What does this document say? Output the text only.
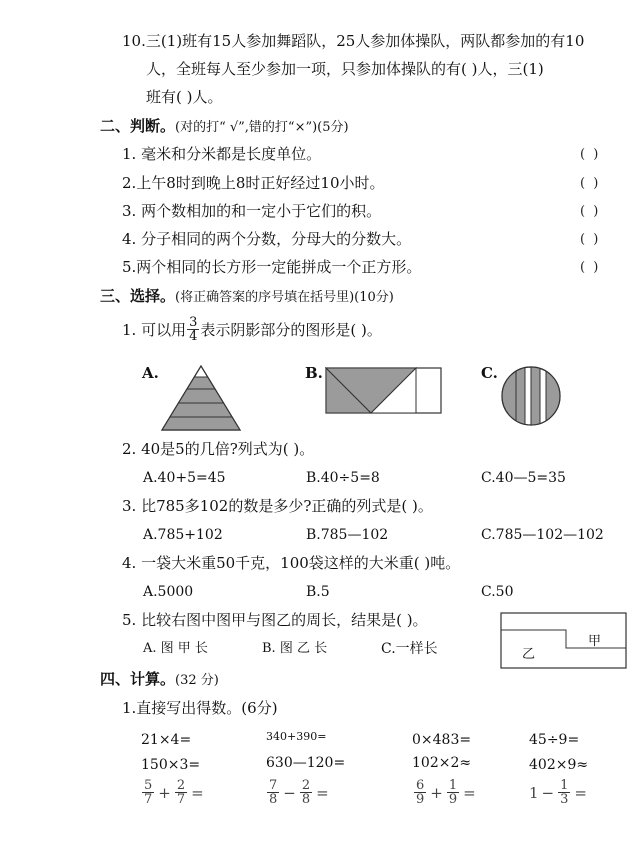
10.三(1)班有15人参加舞蹈队，25人参加体操队，两队都参加的有10
人，全班每人至少参加一项，只参加体操队的有( )人，三(1)
班有( )人。
二、判断。(对的打“ √”,错的打“×”)(5分)
1. 毫米和分米都是长度单位。	( )
2.上午8时到晚上8时正好经过10小时。	( )
3. 两个数相加的和一定小于它们的积。	( )
4. 分子相同的两个分数，分母大的分数大。	( )
5.两个相同的长方形一定能拼成一个正方形。	( )
三、选择。(将正确答案的序号填在括号里)(10分)
1. 可以用 $\frac{3}{4}$ 表示阴影部分的图形是( )。
A.	B.	C.
2. 40是5的几倍?列式为( )。
A.40+5=45	B.40÷5=8	C.40—5=35
3. 比785多102的数是多少?正确的列式是( )。
A.785+102	B.785—102	C.785—102—102
4. 一袋大米重50千克，100袋这样的大米重( )吨。
A.5000	B.5	C.50
5. 比较右图中图甲与图乙的周长，结果是( )。
A. 图 甲 长	B. 图 乙 长	C.一样长	甲
乙
四、计算。(32 分)
1.直接写出得数。(6分)
21×4=	340+390=	0×483=	45÷9=
150×3=	630—120=	102×2≈	402×9≈
$\frac{5}{7} + \frac{2}{7}$ =	$\frac{7}{8} - \frac{2}{8}$ =	$\frac{6}{9} + \frac{1}{9}$ =	$1 - \frac{1}{3}$ =
